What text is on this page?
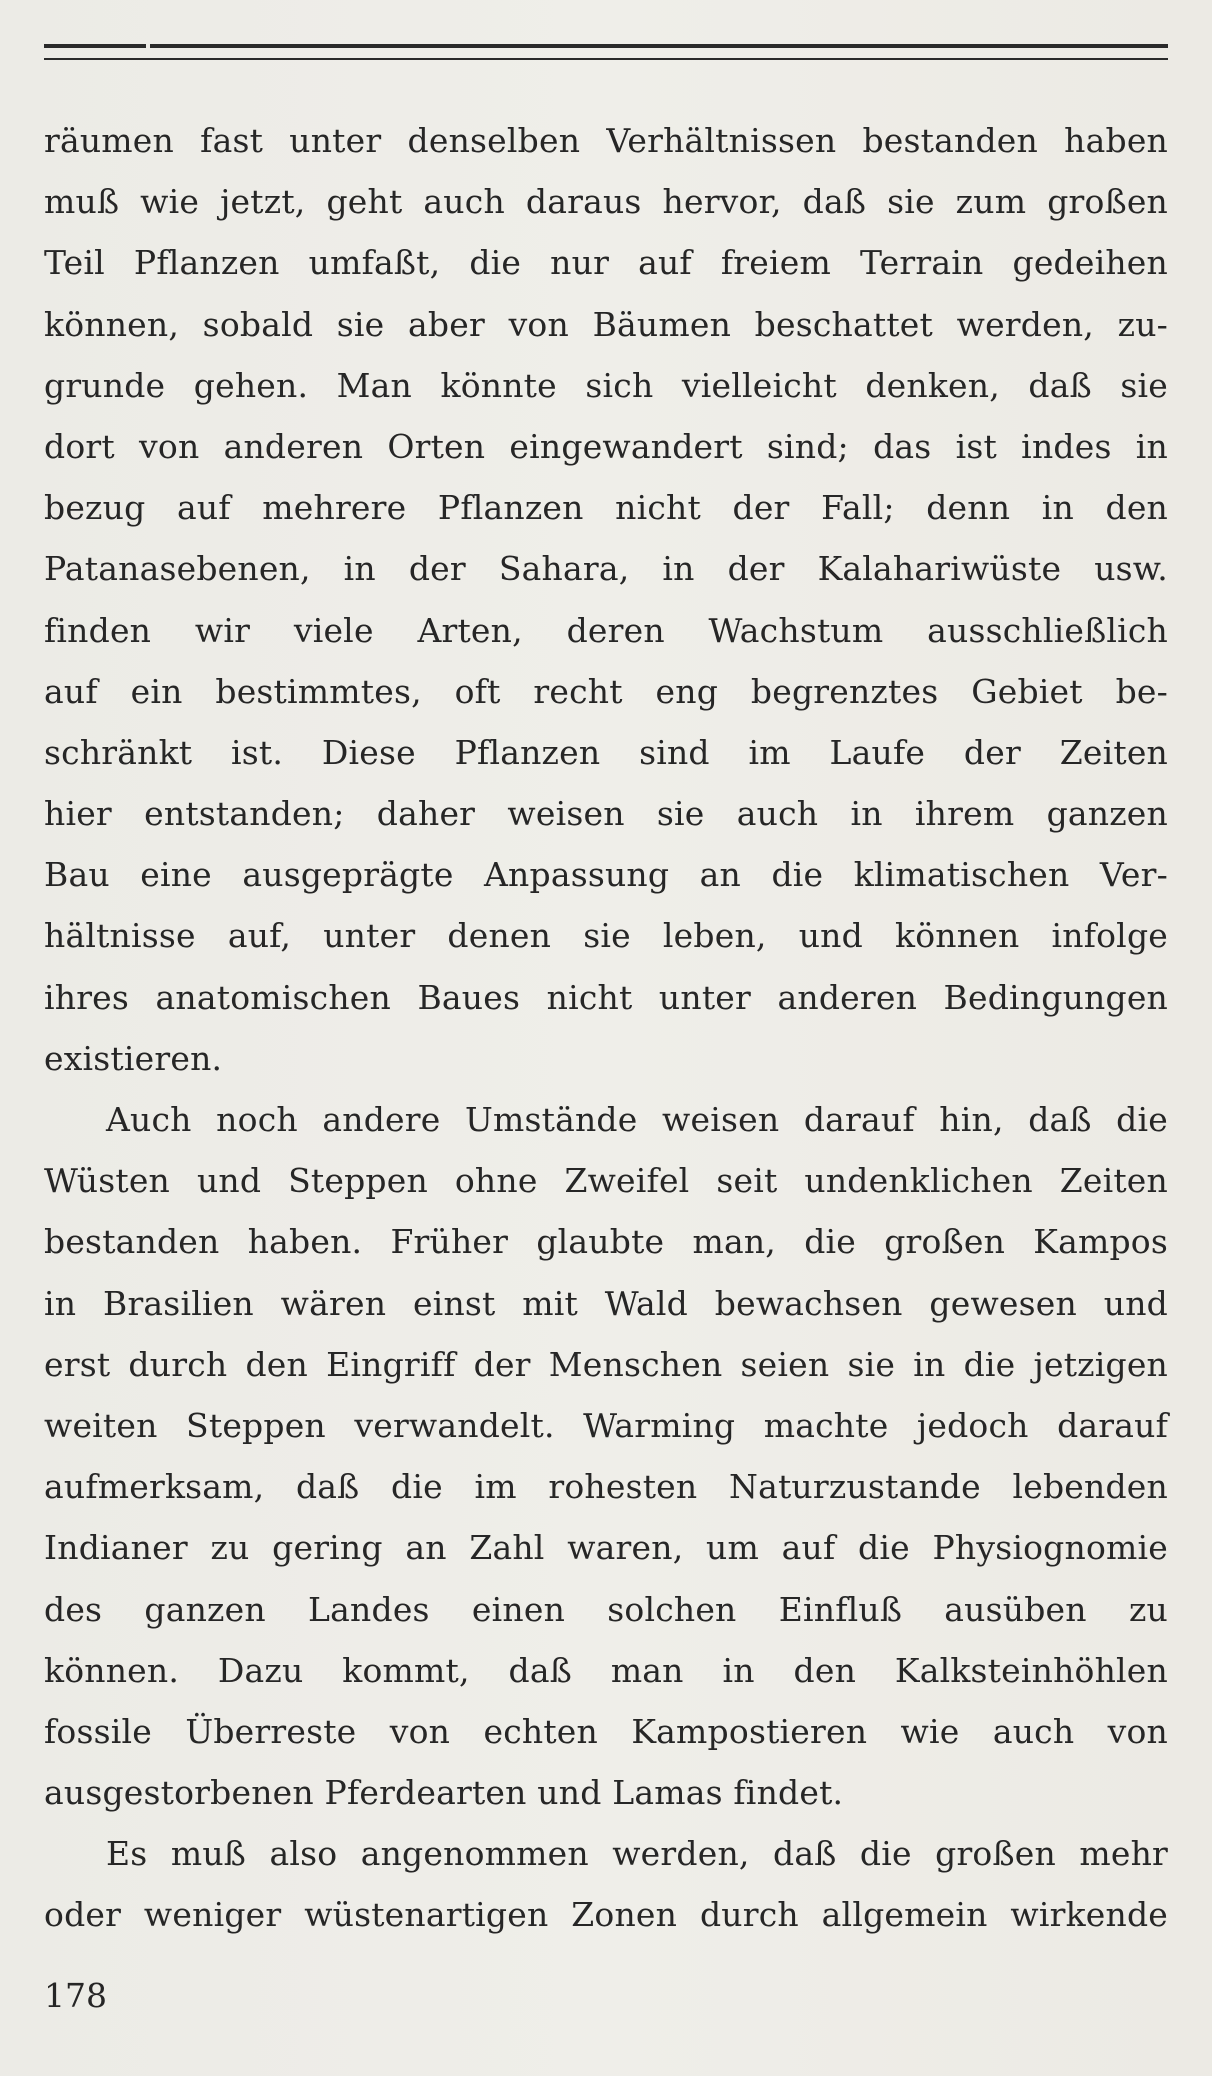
räumen fast unter denselben Verhältnissen bestanden haben
muß wie jetzt, geht auch daraus hervor, daß sie zum großen
Teil Pflanzen umfaßt, die nur auf freiem Terrain gedeihen
können, sobald sie aber von Bäumen beschattet werden, zu-
grunde gehen. Man könnte sich vielleicht denken, daß sie
dort von anderen Orten eingewandert sind; das ist indes in
bezug auf mehrere Pflanzen nicht der Fall; denn in den
Patanasebenen, in der Sahara, in der Kalahariwüste usw.
finden wir viele Arten, deren Wachstum ausschließlich
auf ein bestimmtes, oft recht eng begrenztes Gebiet be-
schränkt ist. Diese Pflanzen sind im Laufe der Zeiten
hier entstanden; daher weisen sie auch in ihrem ganzen
Bau eine ausgeprägte Anpassung an die klimatischen Ver-
hältnisse auf, unter denen sie leben, und können infolge
ihres anatomischen Baues nicht unter anderen Bedingungen
existieren.
Auch noch andere Umstände weisen darauf hin, daß die
Wüsten und Steppen ohne Zweifel seit undenklichen Zeiten
bestanden haben. Früher glaubte man, die großen Kampos
in Brasilien wären einst mit Wald bewachsen gewesen und
erst durch den Eingriff der Menschen seien sie in die jetzigen
weiten Steppen verwandelt. Warming machte jedoch darauf
aufmerksam, daß die im rohesten Naturzustande lebenden
Indianer zu gering an Zahl waren, um auf die Physiognomie
des ganzen Landes einen solchen Einfluß ausüben zu
können. Dazu kommt, daß man in den Kalksteinhöhlen
fossile Überreste von echten Kampostieren wie auch von
ausgestorbenen Pferdearten und Lamas findet.
Es muß also angenommen werden, daß die großen mehr
oder weniger wüstenartigen Zonen durch allgemein wirkende
178
